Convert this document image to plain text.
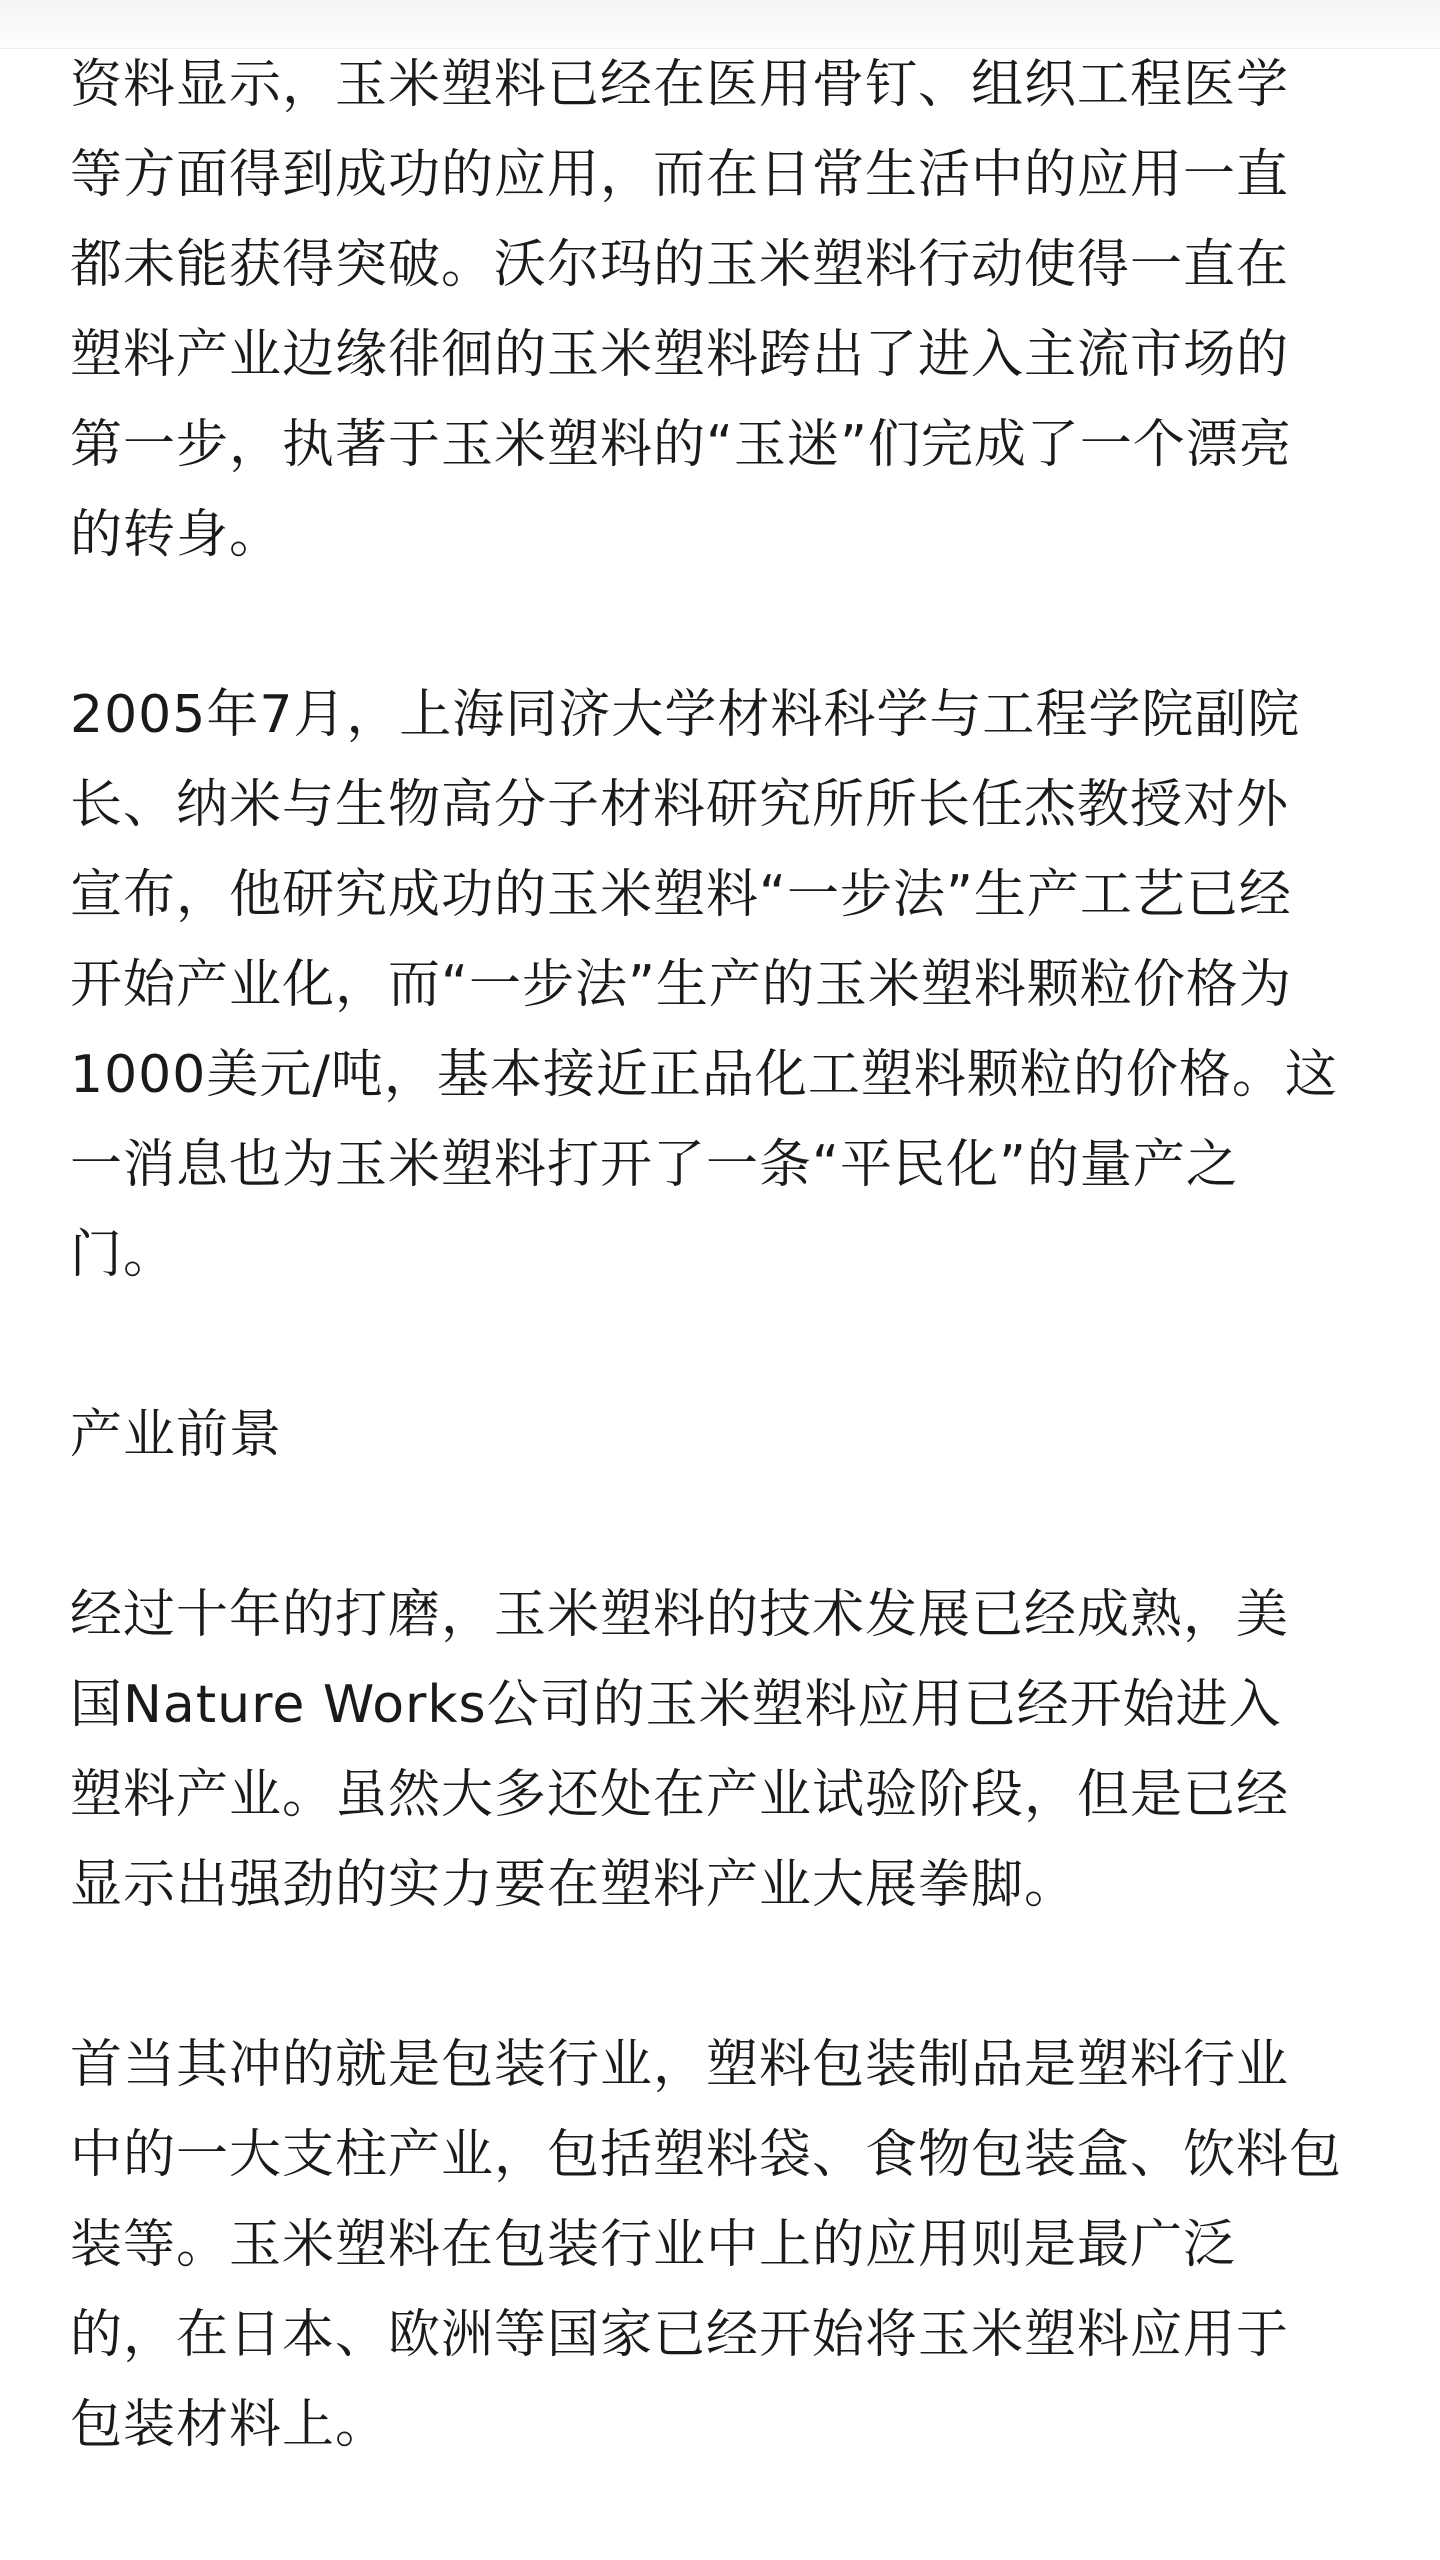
资料显示，玉米塑料已经在医用骨钉、组织工程医学
等方面得到成功的应用，而在日常生活中的应用一直
都未能获得突破。沃尔玛的玉米塑料行动使得一直在
塑料产业边缘徘徊的玉米塑料跨出了进入主流市场的
第一步，执著于玉米塑料的“玉迷”们完成了一个漂亮
的转身。

2005年7月，上海同济大学材料科学与工程学院副院
长、纳米与生物高分子材料研究所所长任杰教授对外
宣布，他研究成功的玉米塑料“一步法”生产工艺已经
开始产业化，而“一步法”生产的玉米塑料颗粒价格为
1000美元/吨，基本接近正品化工塑料颗粒的价格。这
一消息也为玉米塑料打开了一条“平民化”的量产之
门。

产业前景

经过十年的打磨，玉米塑料的技术发展已经成熟，美
国Nature Works公司的玉米塑料应用已经开始进入
塑料产业。虽然大多还处在产业试验阶段，但是已经
显示出强劲的实力要在塑料产业大展拳脚。

首当其冲的就是包装行业，塑料包装制品是塑料行业
中的一大支柱产业，包括塑料袋、食物包装盒、饮料包
装等。玉米塑料在包装行业中上的应用则是最广泛
的，在日本、欧洲等国家已经开始将玉米塑料应用于
包装材料上。
